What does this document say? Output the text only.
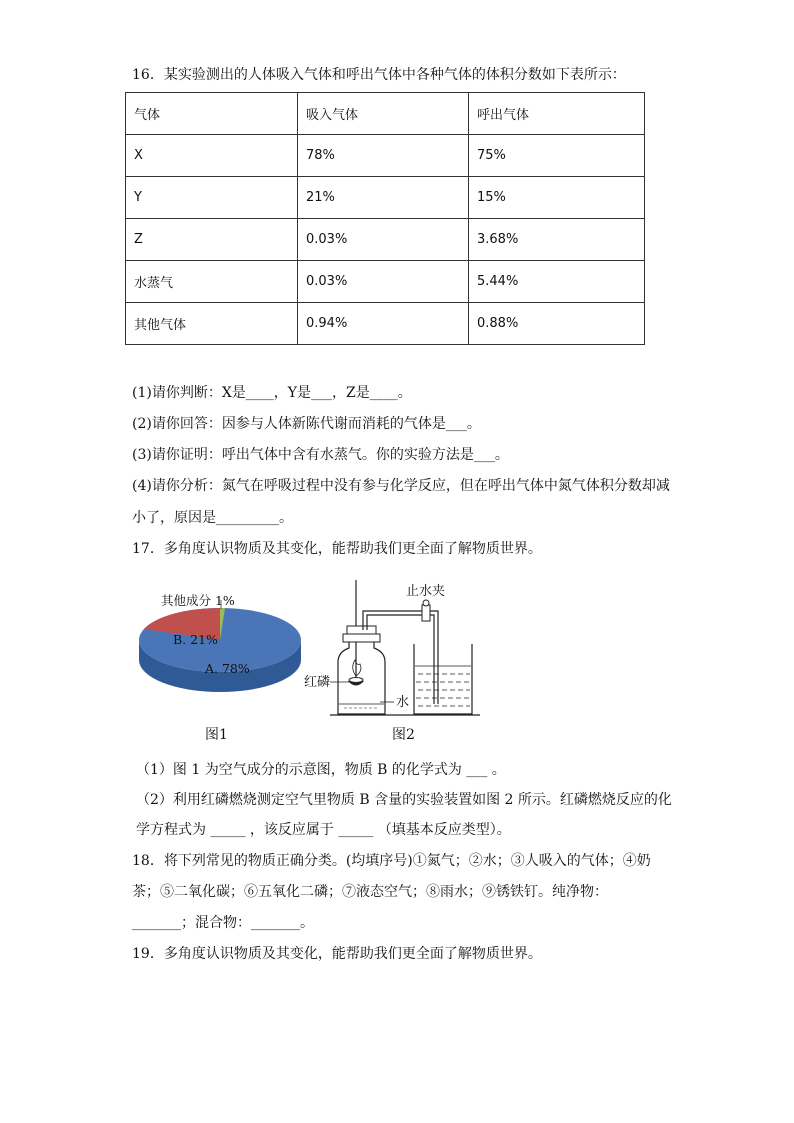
16．某实验测出的人体吸入气体和呼出气体中各种气体的体积分数如下表所示：
气体	吸入气体	呼出气体
X	78%	75%
Y	21%	15%
Z	0.03%	3.68%
水蒸气	0.03%	5.44%
其他气体	0.94%	0.88%
(1)请你判断：X是____，Y是___，Z是____。
(2)请你回答：因参与人体新陈代谢而消耗的气体是___。
(3)请你证明：呼出气体中含有水蒸气。你的实验方法是___。
(4)请你分析：氮气在呼吸过程中没有参与化学反应，但在呼出气体中氮气体积分数却减
小了，原因是_________。
17．多角度认识物质及其变化，能帮助我们更全面了解物质世界。
其他成分 1%
B. 21%
A. 78%
图1
止水夹
红磷
水
图2
（1）图 1 为空气成分的示意图，物质 B 的化学式为 ___ 。
（2）利用红磷燃烧测定空气里物质 B 含量的实验装置如图 2 所示。红磷燃烧反应的化
学方程式为 _____ ，该反应属于 _____ （填基本反应类型）。
18．将下列常见的物质正确分类。(均填序号)①氮气；②水；③人吸入的气体；④奶
茶；⑤二氧化碳；⑥五氧化二磷；⑦液态空气；⑧雨水；⑨锈铁钉。纯净物：
_______；混合物：_______。
19．多角度认识物质及其变化，能帮助我们更全面了解物质世界。
